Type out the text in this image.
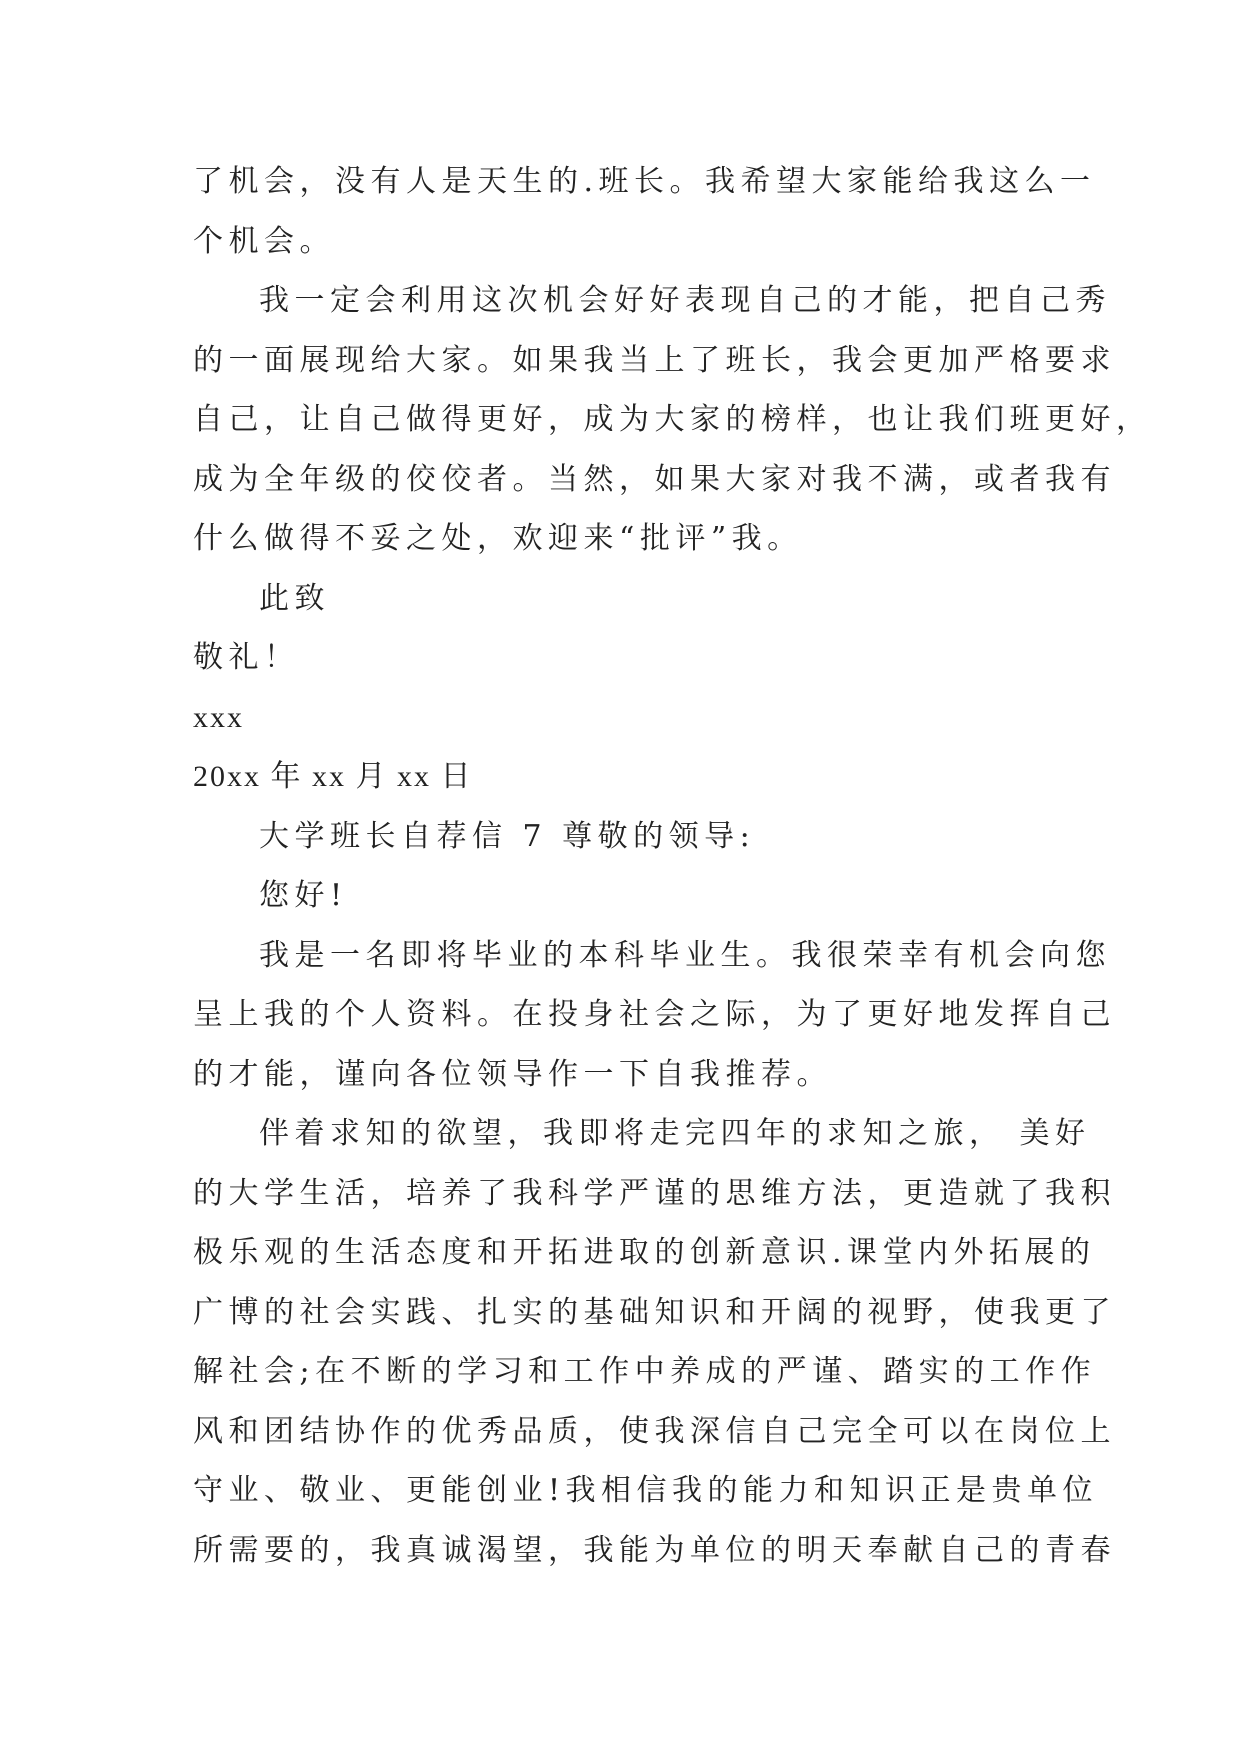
了机会，没有人是天生的.班长。我希望大家能给我这么一
个机会。
我一定会利用这次机会好好表现自己的才能，把自己秀
的一面展现给大家。如果我当上了班长，我会更加严格要求
自己，让自己做得更好，成为大家的榜样，也让我们班更好，
成为全年级的佼佼者。当然，如果大家对我不满，或者我有
什么做得不妥之处，欢迎来“批评”我。
此致
敬礼！
xxx
20xx 年 xx 月 xx 日
大学班长自荐信 7 尊敬的领导:
您好!
我是一名即将毕业的本科毕业生。我很荣幸有机会向您
呈上我的个人资料。在投身社会之际，为了更好地发挥自己
的才能，谨向各位领导作一下自我推荐。
伴着求知的欲望，我即将走完四年的求知之旅， 美好
的大学生活，培养了我科学严谨的思维方法，更造就了我积
极乐观的生活态度和开拓进取的创新意识.课堂内外拓展的
广博的社会实践、扎实的基础知识和开阔的视野，使我更了
解社会;在不断的学习和工作中养成的严谨、踏实的工作作
风和团结协作的优秀品质，使我深信自己完全可以在岗位上
守业、敬业、更能创业!我相信我的能力和知识正是贵单位
所需要的，我真诚渴望，我能为单位的明天奉献自己的青春
